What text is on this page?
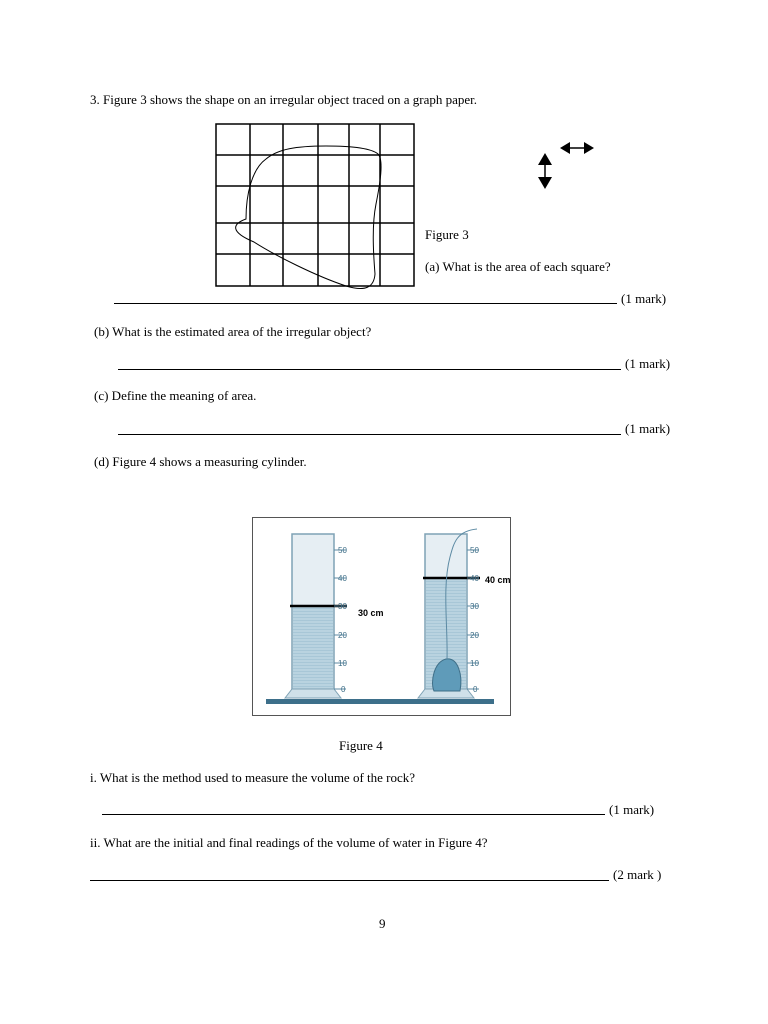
3. Figure 3 shows the shape on an irregular object traced on a graph paper.
Figure 3
(a) What is the area of each square?
(1 mark)
(b) What is the estimated area of the irregular object?
(1 mark)
(c) Define the meaning of area.
(1 mark)
(d) Figure 4 shows a measuring cylinder.
50
40
30
20
10
0
50
40
30
20
10
0
30 cm
40 cm
Figure 4
i. What is the method used to measure the volume of the rock?
(1 mark)
ii. What are the initial and final readings of the volume of water in Figure 4?
(2 mark )
9
